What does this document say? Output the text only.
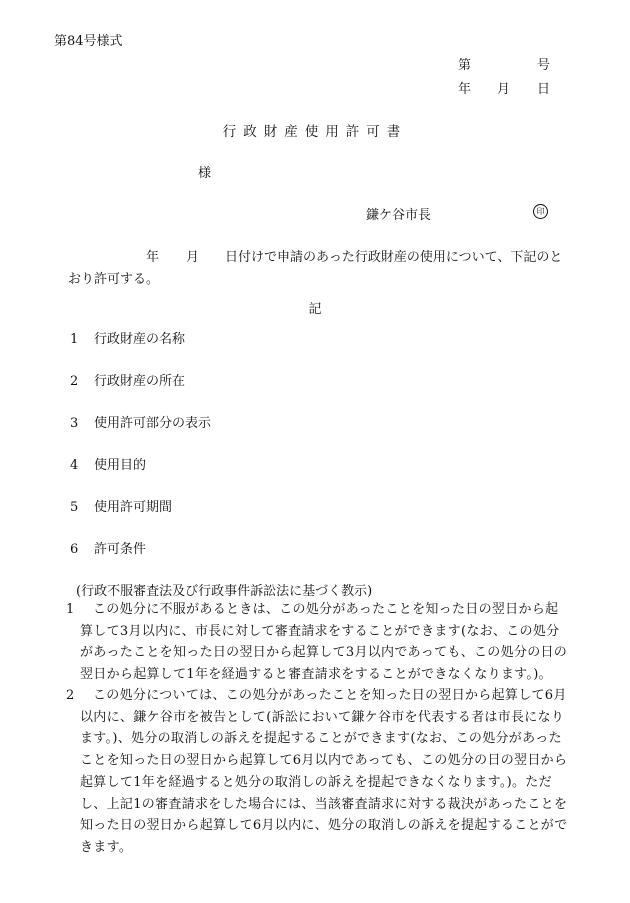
第84号様式
第	号
年 月 日
行政財産使用許可書
様
鎌ケ谷市長	印
年 月 日付けで申請のあった行政財産の使用について、下記のと
おり許可する。
記
1 行政財産の名称
2 行政財産の所在
3 使用許可部分の表示
4 使用目的
5 使用許可期間
6 許可条件
(行政不服審査法及び行政事件訴訟法に基づく教示)
1	この処分に不服があるときは、この処分があったことを知った日の翌日から起算して3月以内に、市長に対して審査請求をすることができます(なお、この処分があったことを知った日の翌日から起算して3月以内であっても、この処分の日の翌日から起算して1年を経過すると審査請求をすることができなくなります。)。
2	この処分については、この処分があったことを知った日の翌日から起算して6月以内に、鎌ケ谷市を被告として(訴訟において鎌ケ谷市を代表する者は市長になります。)、処分の取消しの訴えを提起することができます(なお、この処分があったことを知った日の翌日から起算して6月以内であっても、この処分の日の翌日から起算して1年を経過すると処分の取消しの訴えを提起できなくなります。)。ただし、上記1の審査請求をした場合には、当該審査請求に対する裁決があったことを知った日の翌日から起算して6月以内に、処分の取消しの訴えを提起することができます。
